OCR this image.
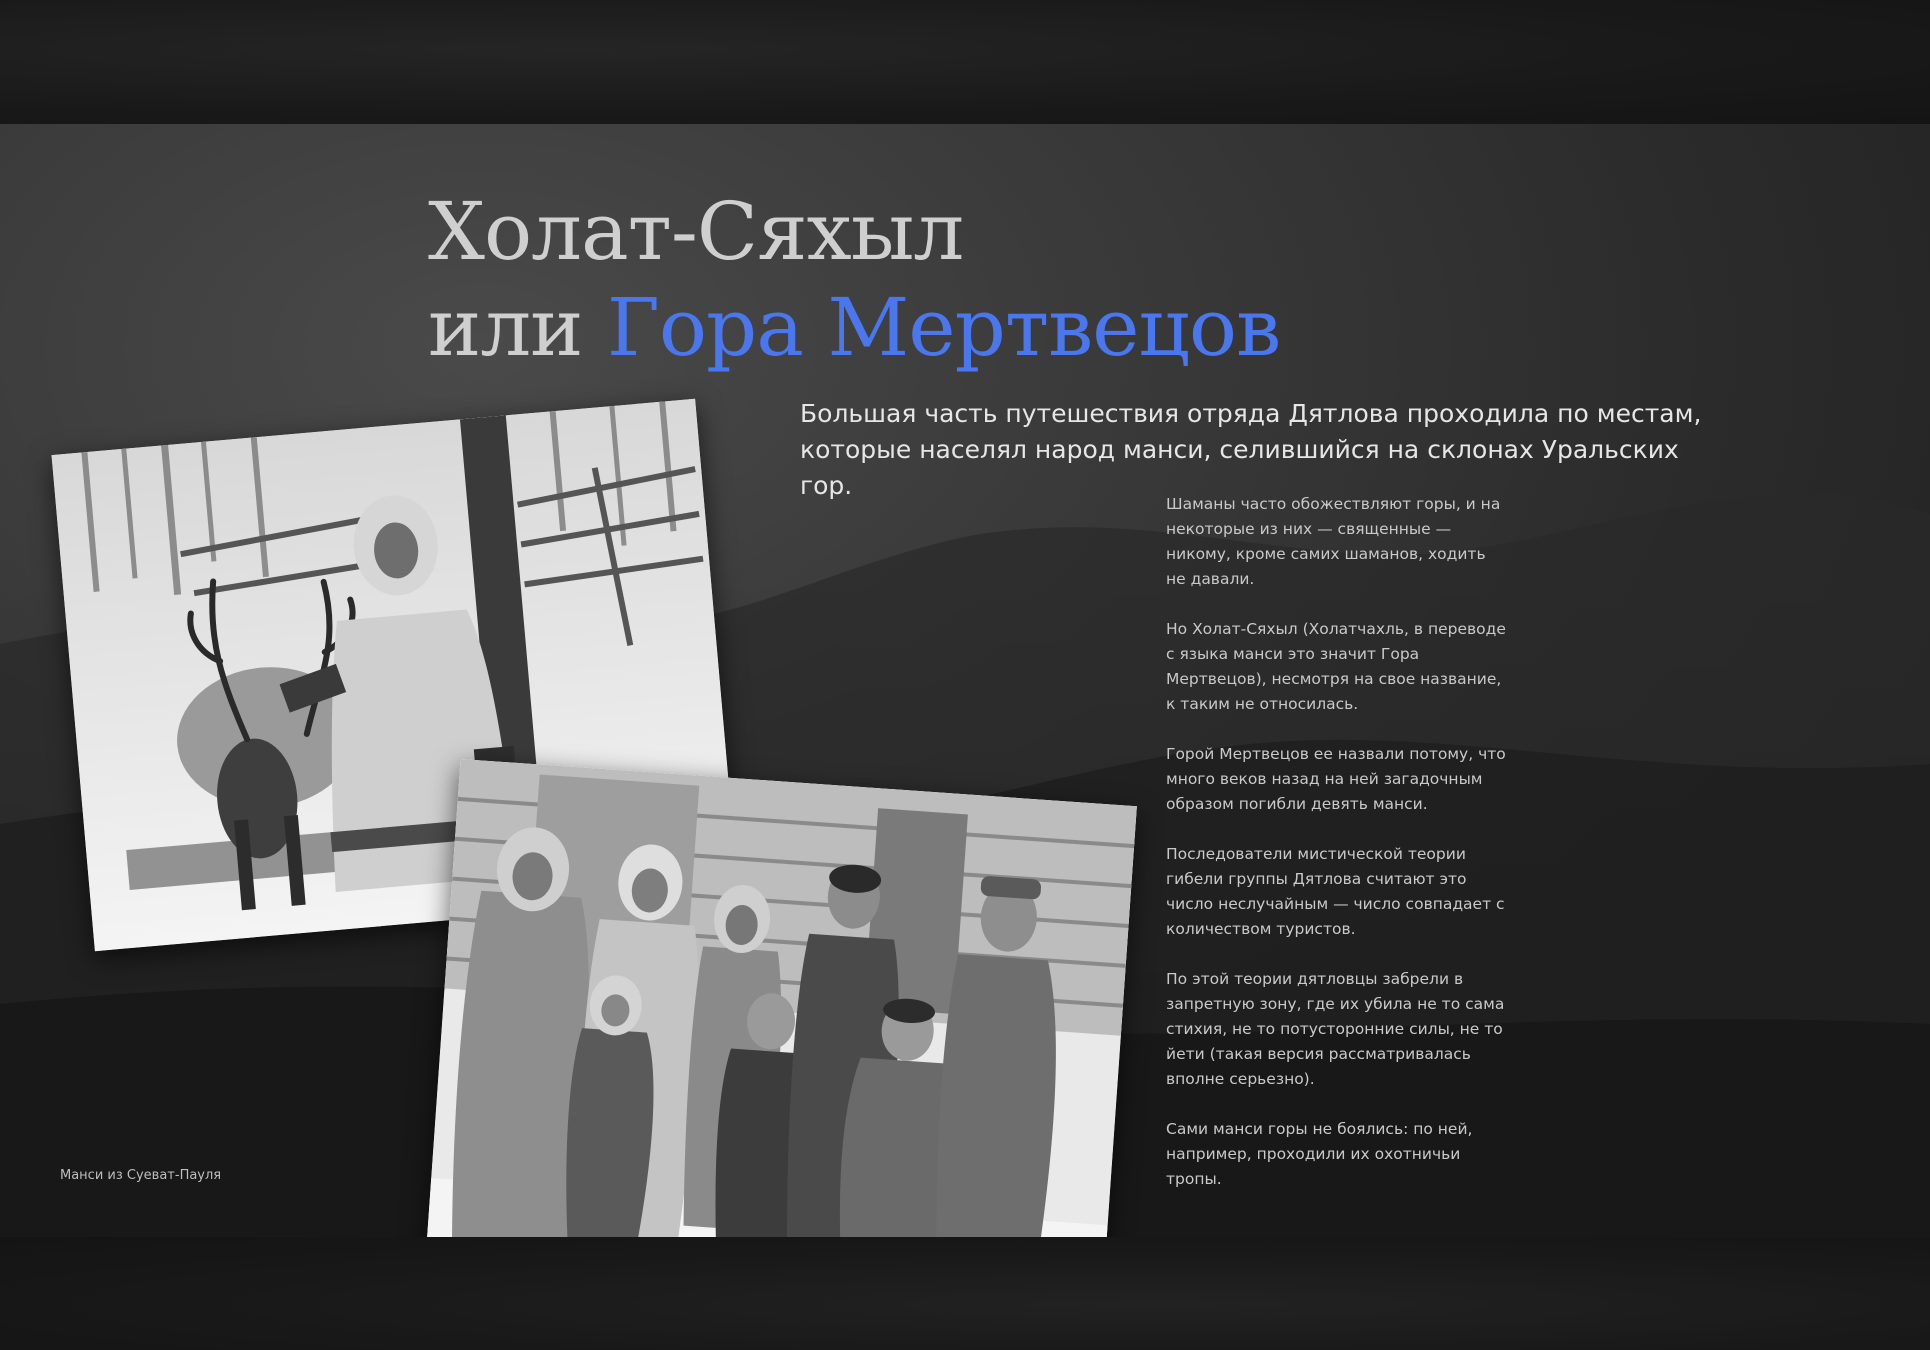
Холат-Сяхыл
или Гора Мертвецов

Большая часть путешествия отряда Дятлова проходила по местам, которые населял народ манси, селившийся на склонах Уральских гор.

Шаманы часто обожествляют горы, и на некоторые из них — священные — никому, кроме самих шаманов, ходить не давали.

Но Холат-Сяхыл (Холатчахль, в переводе с языка манси это значит Гора Мертвецов), несмотря на свое название, к таким не относилась.

Горой Мертвецов ее назвали потому, что много веков назад на ней загадочным образом погибли девять манси.

Последователи мистической теории гибели группы Дятлова считают это число неслучайным — число совпадает с количеством туристов.

По этой теории дятловцы забрели в запретную зону, где их убила не то сама стихия, не то потусторонние силы, не то йети (такая версия рассматривалась вполне серьезно).

Сами манси горы не боялись: по ней, например, проходили их охотничьи тропы.

Манси из Суеват-Пауля
